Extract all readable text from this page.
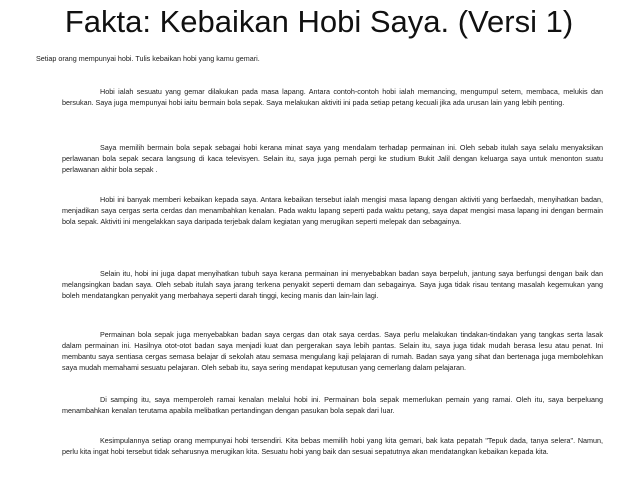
Fakta: Kebaikan Hobi Saya. (Versi 1)
Setiap orang mempunyai hobi. Tulis kebaikan hobi yang kamu gemari.

Hobi ialah sesuatu yang gemar dilakukan pada masa lapang. Antara contoh-contoh hobi ialah memancing, mengumpul setem, membaca, melukis dan bersukan. Saya juga mempunyai hobi iaitu bermain bola sepak. Saya melakukan aktiviti ini pada setiap petang kecuali jika ada urusan lain yang lebih penting.

Saya memilih bermain bola sepak sebagai hobi kerana minat saya yang mendalam terhadap permainan ini. Oleh sebab itulah saya selalu menyaksikan perlawanan bola sepak secara langsung di kaca televisyen. Selain itu, saya juga pernah pergi ke studium Bukit Jalil dengan keluarga saya untuk menonton suatu perlawanan akhir bola sepak .

Hobi ini banyak memberi kebaikan kepada saya. Antara kebaikan tersebut ialah mengisi masa lapang dengan aktiviti yang berfaedah, menyihatkan badan, menjadikan saya cergas serta cerdas dan menambahkan kenalan. Pada waktu lapang seperti pada waktu petang, saya dapat mengisi masa lapang ini dengan bermain bola sepak. Aktiviti ini mengelakkan saya daripada terjebak dalam kegiatan yang merugikan seperti melepak dan sebagainya.

Selain itu, hobi ini juga dapat menyihatkan tubuh saya kerana permainan ini menyebabkan badan saya berpeluh, jantung saya berfungsi dengan baik dan melangsingkan badan saya. Oleh sebab itulah saya jarang terkena penyakit seperti demam dan sebagainya. Saya juga tidak risau tentang masalah kegemukan yang boleh mendatangkan penyakit yang merbahaya seperti darah tinggi, kecing manis dan lain-lain lagi.

Permainan bola sepak juga menyebabkan badan saya cergas dan otak saya cerdas. Saya perlu melakukan tindakan-tindakan yang tangkas serta lasak dalam permainan ini. Hasilnya otot-otot badan saya menjadi kuat dan pergerakan saya lebih pantas. Selain itu, saya juga tidak mudah berasa lesu atau penat. Ini membantu saya sentiasa cergas semasa belajar di sekolah atau semasa mengulang kaji pelajaran di rumah. Badan saya yang sihat dan bertenaga juga membolehkan saya mudah memahami sesuatu pelajaran. Oleh sebab itu, saya sering mendapat keputusan yang cemerlang dalam pelajaran.

Di samping itu, saya memperoleh ramai kenalan melalui hobi ini. Permainan bola sepak memerlukan pemain yang ramai. Oleh itu, saya berpeluang menambahkan kenalan terutama apabila melibatkan pertandingan dengan pasukan bola sepak dari luar.

Kesimpulannya setiap orang mempunyai hobi tersendiri. Kita bebas memilih hobi yang kita gemari, bak kata pepatah "Tepuk dada, tanya selera". Namun, perlu kita ingat hobi tersebut tidak seharusnya merugikan kita. Sesuatu hobi yang baik dan sesuai sepatutnya akan mendatangkan kebaikan kepada kita.
